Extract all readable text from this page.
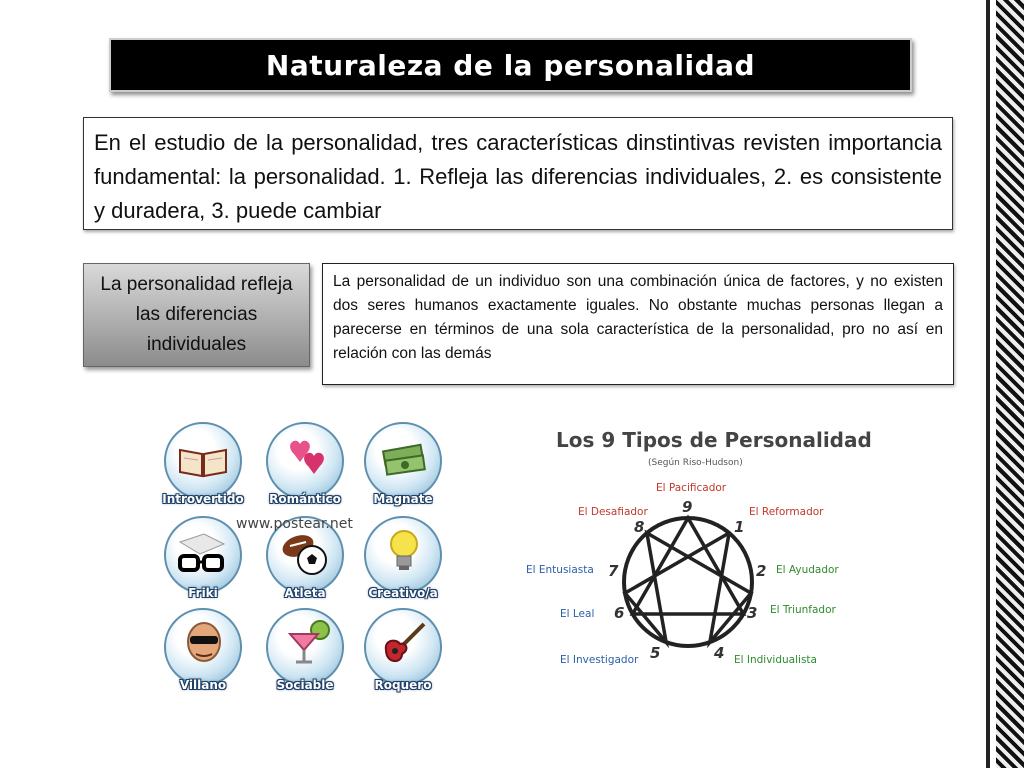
Naturaleza de la personalidad
En el estudio de la personalidad, tres características dinstintivas revisten importancia fundamental: la personalidad. 1. Refleja las diferencias individuales, 2. es consistente y duradera, 3. puede cambiar
La personalidad refleja las diferencias individuales
La personalidad de un individuo son una combinación única de factores, y no existen dos seres humanos exactamente iguales. No obstante muchas personas llegan a parecerse en términos de una sola característica de la personalidad, pro no así en relación con las demás
Introvertido	Romántico	Magnate
Friki	Atleta	Creativo/a
Villano	Sociable	Roquero
www.postear.net
Los 9 Tipos de Personalidad
(Según Riso-Hudson)
9
1
2
3
4
5
6
7
8
El Pacificador
El Reformador
El Ayudador
El Triunfador
El Individualista
El Investigador
El Leal
El Entusiasta
El Desafiador
